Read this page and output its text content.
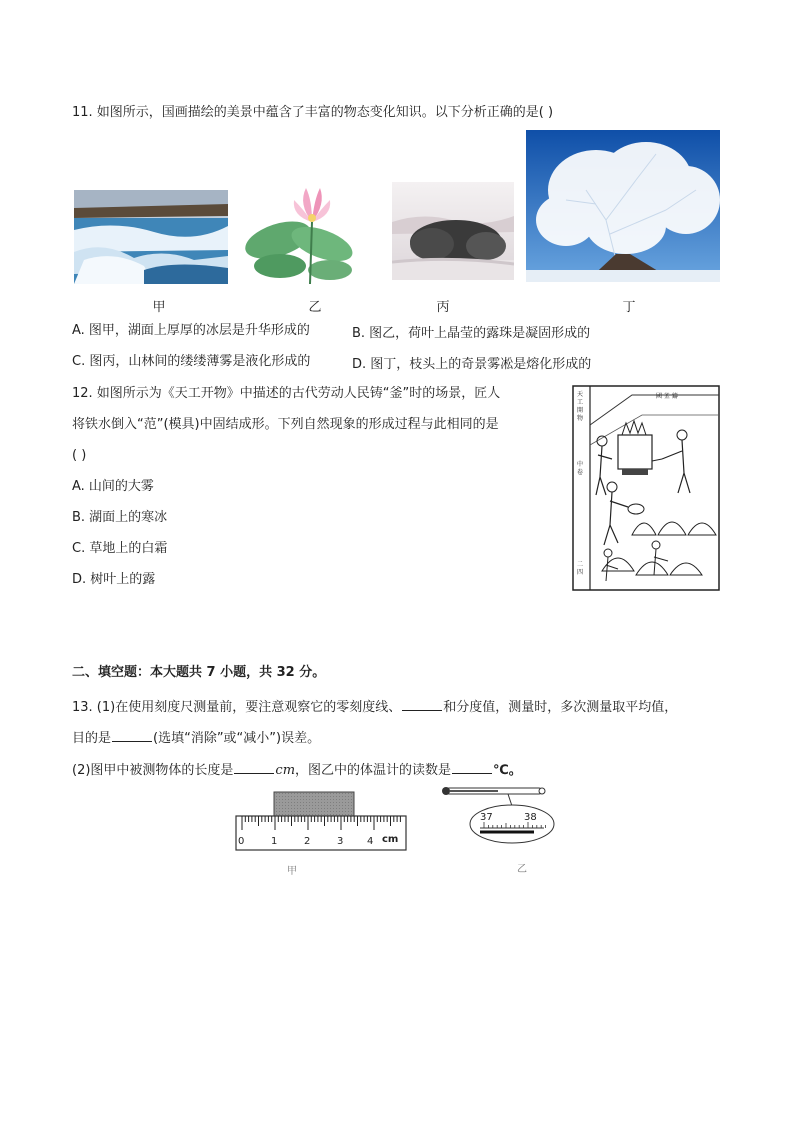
11. 如图所示，国画描绘的美景中蕴含了丰富的物态变化知识。以下分析正确的是( )
甲	乙	丙	丁
A. 图甲，湖面上厚厚的冰层是升华形成的	B. 图乙，荷叶上晶莹的露珠是凝固形成的
C. 图丙，山林间的缕缕薄雾是液化形成的	D. 图丁，枝头上的奇景雾凇是熔化形成的
12. 如图所示为《天工开物》中描述的古代劳动人民铸“釜”时的场景，匠人
将铁水倒入“范”(模具)中固结成形。下列自然现象的形成过程与此相同的是
( )
A. 山间的大雾
B. 湖面上的寒冰
C. 草地上的白霜
D. 树叶上的露
國 釜 鑄
天工開物
中卷
二四
二、填空题：本大题共 7 小题，共 32 分。
13. (1)在使用刻度尺测量前，要注意观察它的零刻度线、	和分度值，测量时，多次测量取平均值，
目的是	(选填“消除”或“减小”)误差。
(2)图甲中被测物体的长度是	cm，图乙中的体温计的读数是	℃。
0	1	2	3 4 cm
甲
37	38
乙
